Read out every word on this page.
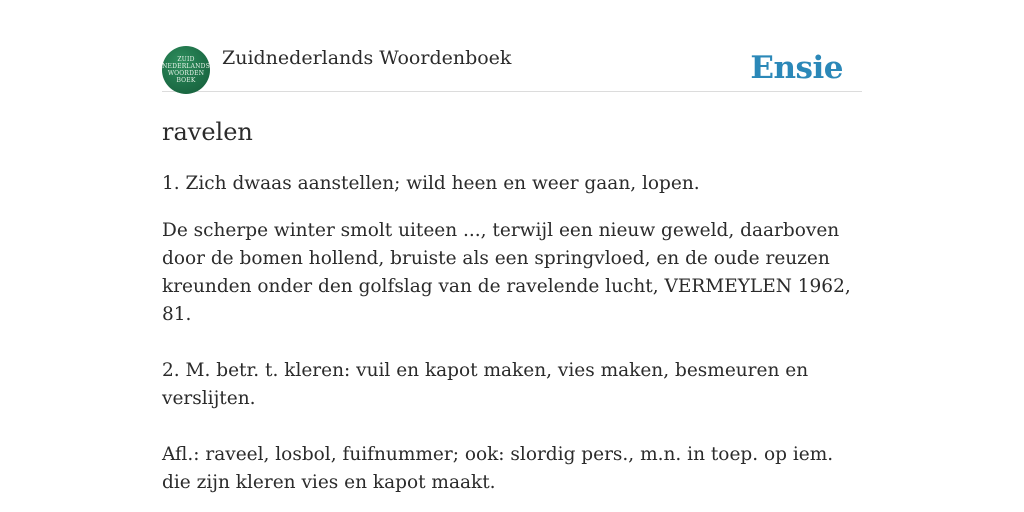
ZUID
NEDERLANDS
WOORDEN
BOEK
Zuidnederlands Woordenboek	Ensie
ravelen
1. Zich dwaas aanstellen; wild heen en weer gaan, lopen.
De scherpe winter smolt uiteen ..., terwijl een nieuw geweld, daarboven door de bomen hollend, bruiste als een springvloed, en de oude reuzen kreunden onder den golfslag van de ravelende lucht, VERMEYLEN 1962, 81.
2. M. betr. t. kleren: vuil en kapot maken, vies maken, besmeuren en verslijten.
Afl.: raveel, losbol, fuifnummer; ook: slordig pers., m.n. in toep. op iem. die zijn kleren vies en kapot maakt.
